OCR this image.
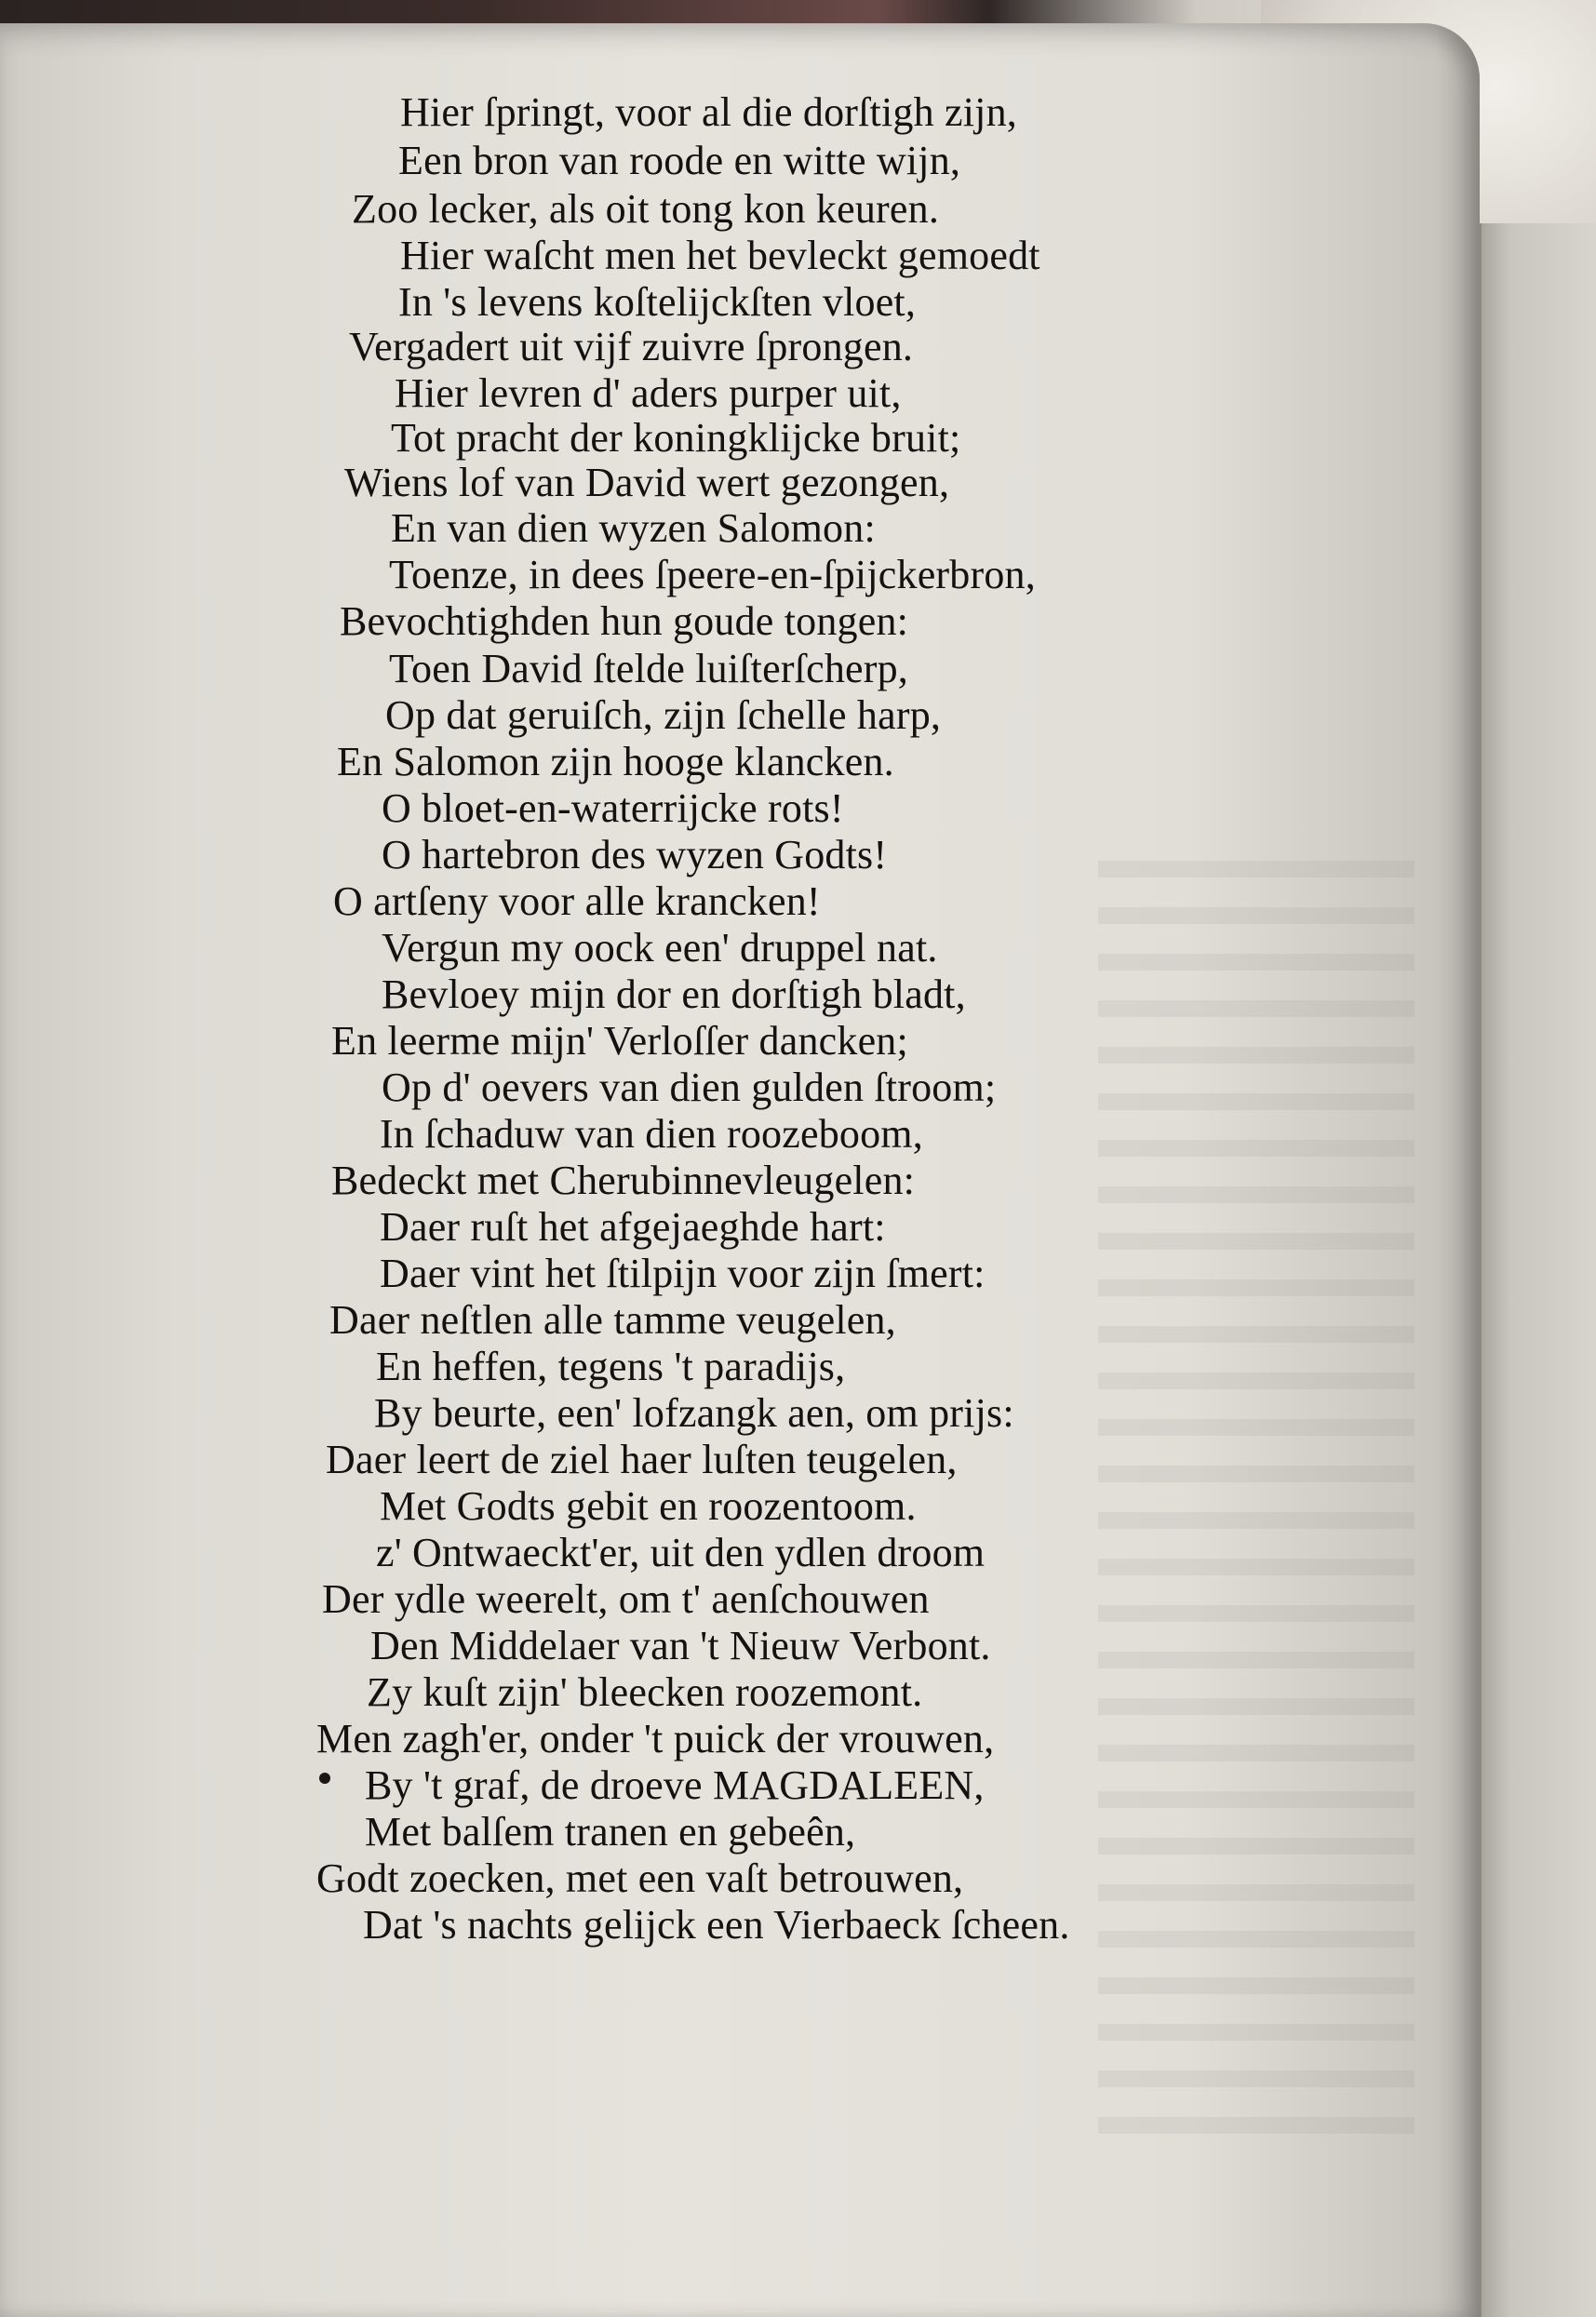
Hier ſpringt, voor al die dorſtigh zijn,
Een bron van roode en witte wijn,
Zoo lecker, als oit tong kon keuren.
Hier waſcht men het bevleckt gemoedt
In 's levens koſtelijckſten vloet,
Vergadert uit vijf zuivre ſprongen.
Hier levren d' aders purper uit,
Tot pracht der koningklijcke bruit;
Wiens lof van David wert gezongen,
En van dien wyzen Salomon:
Toenze, in dees ſpeere-en-ſpijckerbron,
Bevochtighden hun goude tongen:
Toen David ſtelde luiſterſcherp,
Op dat geruiſch, zijn ſchelle harp,
En Salomon zijn hooge klancken.
O bloet-en-waterrijcke rots!
O hartebron des wyzen Godts!
O artſeny voor alle krancken!
Vergun my oock een' druppel nat.
Bevloey mijn dor en dorſtigh bladt,
En leerme mijn' Verloſſer dancken;
Op d' oevers van dien gulden ſtroom;
In ſchaduw van dien roozeboom,
Bedeckt met Cherubinnevleugelen:
Daer ruſt het afgejaeghde hart:
Daer vint het ſtilpijn voor zijn ſmert:
Daer neſtlen alle tamme veugelen,
En heffen, tegens 't paradijs,
By beurte, een' lofzangk aen, om prijs:
Daer leert de ziel haer luſten teugelen,
Met Godts gebit en roozentoom.
z' Ontwaeckt'er, uit den ydlen droom
Der ydle weerelt, om t' aenſchouwen
Den Middelaer van 't Nieuw Verbont.
Zy kuſt zijn' bleecken roozemont.
Men zagh'er, onder 't puick der vrouwen,
By 't graf, de droeve MAGDALEEN,
Met balſem tranen en gebeên,
Godt zoecken, met een vaſt betrouwen,
Dat 's nachts gelijck een Vierbaeck ſcheen.
